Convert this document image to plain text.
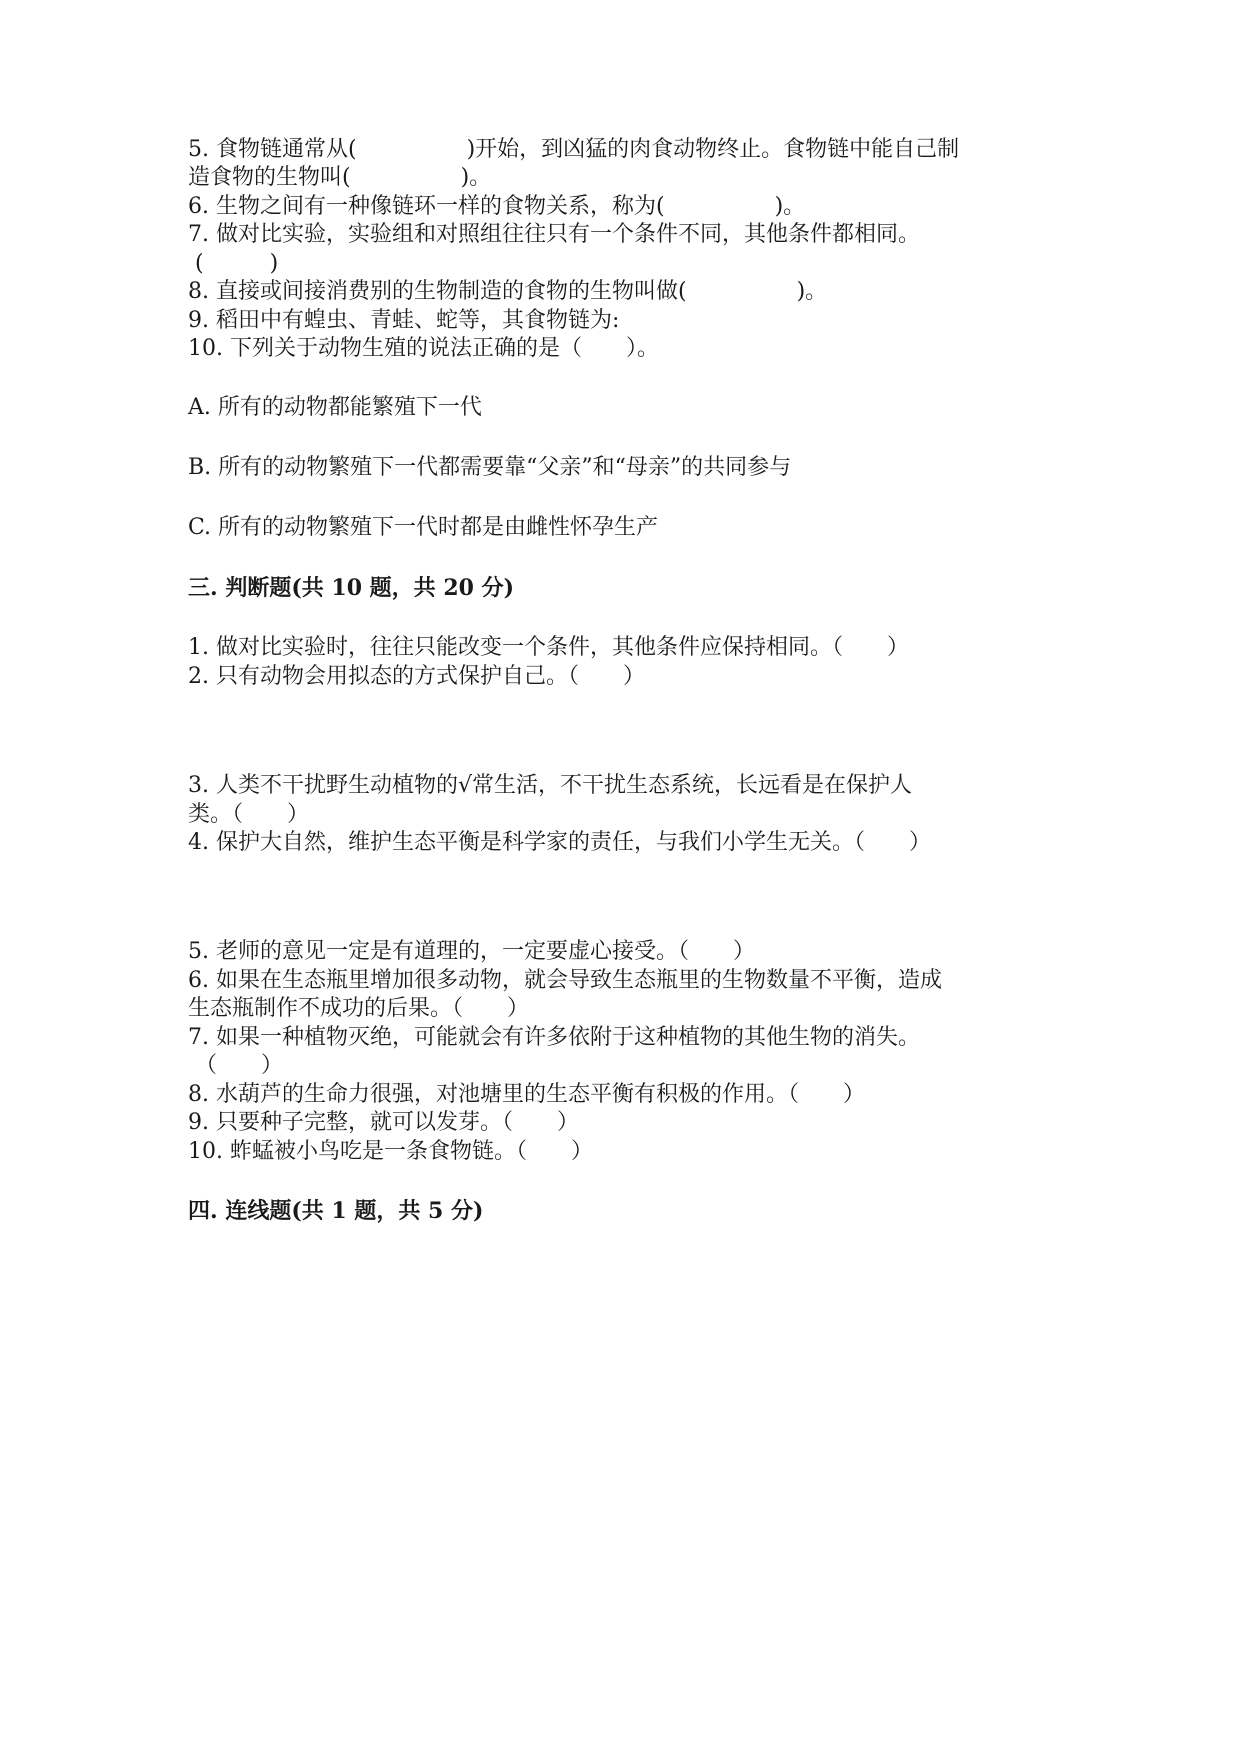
5. 食物链通常从(　　　　　)开始，到凶猛的肉食动物终止。食物链中能自己制
造食物的生物叫(　　　　　)。
6. 生物之间有一种像链环一样的食物关系，称为(　　　　　)。
7. 做对比实验，实验组和对照组往往只有一个条件不同，其他条件都相同。
(　　　)
8. 直接或间接消费别的生物制造的食物的生物叫做(　　　　　)。
9. 稻田中有蝗虫、青蛙、蛇等，其食物链为:
10. 下列关于动物生殖的说法正确的是（　　）。
A. 所有的动物都能繁殖下一代
B. 所有的动物繁殖下一代都需要靠“父亲”和“母亲”的共同参与
C. 所有的动物繁殖下一代时都是由雌性怀孕生产
三. 判断题(共 10 题，共 20 分)
1. 做对比实验时，往往只能改变一个条件，其他条件应保持相同。（　　）
2. 只有动物会用拟态的方式保护自己。（　　）
3. 人类不干扰野生动植物的√常生活，不干扰生态系统，长远看是在保护人
类。（　　）
4. 保护大自然，维护生态平衡是科学家的责任，与我们小学生无关。（　　）
5. 老师的意见一定是有道理的，一定要虚心接受。（　　）
6. 如果在生态瓶里增加很多动物，就会导致生态瓶里的生物数量不平衡，造成
生态瓶制作不成功的后果。（　　）
7. 如果一种植物灭绝，可能就会有许多依附于这种植物的其他生物的消失。
（　　）
8. 水葫芦的生命力很强，对池塘里的生态平衡有积极的作用。（　　）
9. 只要种子完整，就可以发芽。（　　）
10. 蚱蜢被小鸟吃是一条食物链。（　　）
四. 连线题(共 1 题，共 5 分)
